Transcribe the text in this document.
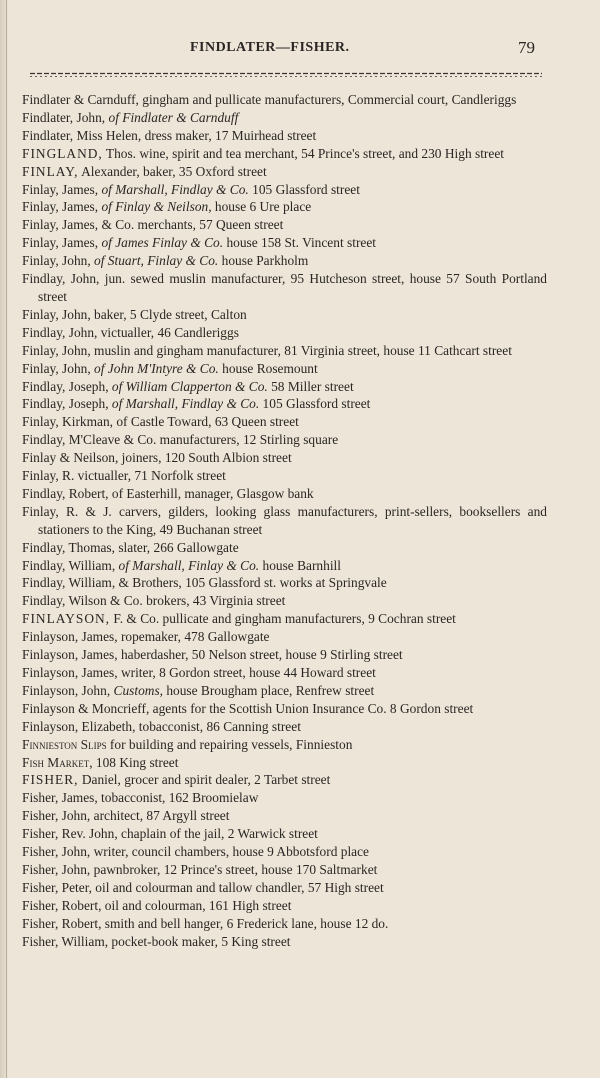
FINDLATER—FISHER.	79
Findlater & Carnduff, gingham and pullicate manufacturers, Commercial court, Candleriggs
Findlater, John, of Findlater & Carnduff
Findlater, Miss Helen, dress maker, 17 Muirhead street
FINGLAND, Thos. wine, spirit and tea merchant, 54 Prince's street, and 230 High street
FINLAY, Alexander, baker, 35 Oxford street
Finlay, James, of Marshall, Findlay & Co. 105 Glassford street
Finlay, James, of Finlay & Neilson, house 6 Ure place
Finlay, James, & Co. merchants, 57 Queen street
Finlay, James, of James Finlay & Co. house 158 St. Vincent street
Finlay, John, of Stuart, Finlay & Co. house Parkholm
Findlay, John, jun. sewed muslin manufacturer, 95 Hutcheson street, house 57 South Portland street
Finlay, John, baker, 5 Clyde street, Calton
Findlay, John, victualler, 46 Candleriggs
Finlay, John, muslin and gingham manufacturer, 81 Virginia street, house 11 Cathcart street
Finlay, John, of John M'Intyre & Co. house Rosemount
Findlay, Joseph, of William Clapperton & Co. 58 Miller street
Findlay, Joseph, of Marshall, Findlay & Co. 105 Glassford street
Finlay, Kirkman, of Castle Toward, 63 Queen street
Findlay, M'Cleave & Co. manufacturers, 12 Stirling square
Finlay & Neilson, joiners, 120 South Albion street
Finlay, R. victualler, 71 Norfolk street
Findlay, Robert, of Easterhill, manager, Glasgow bank
Finlay, R. & J. carvers, gilders, looking glass manufacturers, print-sellers, booksellers and stationers to the King, 49 Buchanan street
Findlay, Thomas, slater, 266 Gallowgate
Findlay, William, of Marshall, Finlay & Co. house Barnhill
Findlay, William, & Brothers, 105 Glassford st. works at Springvale
Findlay, Wilson & Co. brokers, 43 Virginia street
FINLAYSON, F. & Co. pullicate and gingham manufacturers, 9 Cochran street
Finlayson, James, ropemaker, 478 Gallowgate
Finlayson, James, haberdasher, 50 Nelson street, house 9 Stirling street
Finlayson, James, writer, 8 Gordon street, house 44 Howard street
Finlayson, John, Customs, house Brougham place, Renfrew street
Finlayson & Moncrieff, agents for the Scottish Union Insurance Co. 8 Gordon street
Finlayson, Elizabeth, tobacconist, 86 Canning street
Finnieston Slips for building and repairing vessels, Finnieston
Fish Market, 108 King street
FISHER, Daniel, grocer and spirit dealer, 2 Tarbet street
Fisher, James, tobacconist, 162 Broomielaw
Fisher, John, architect, 87 Argyll street
Fisher, Rev. John, chaplain of the jail, 2 Warwick street
Fisher, John, writer, council chambers, house 9 Abbotsford place
Fisher, John, pawnbroker, 12 Prince's street, house 170 Saltmarket
Fisher, Peter, oil and colourman and tallow chandler, 57 High street
Fisher, Robert, oil and colourman, 161 High street
Fisher, Robert, smith and bell hanger, 6 Frederick lane, house 12 do.
Fisher, William, pocket-book maker, 5 King street
